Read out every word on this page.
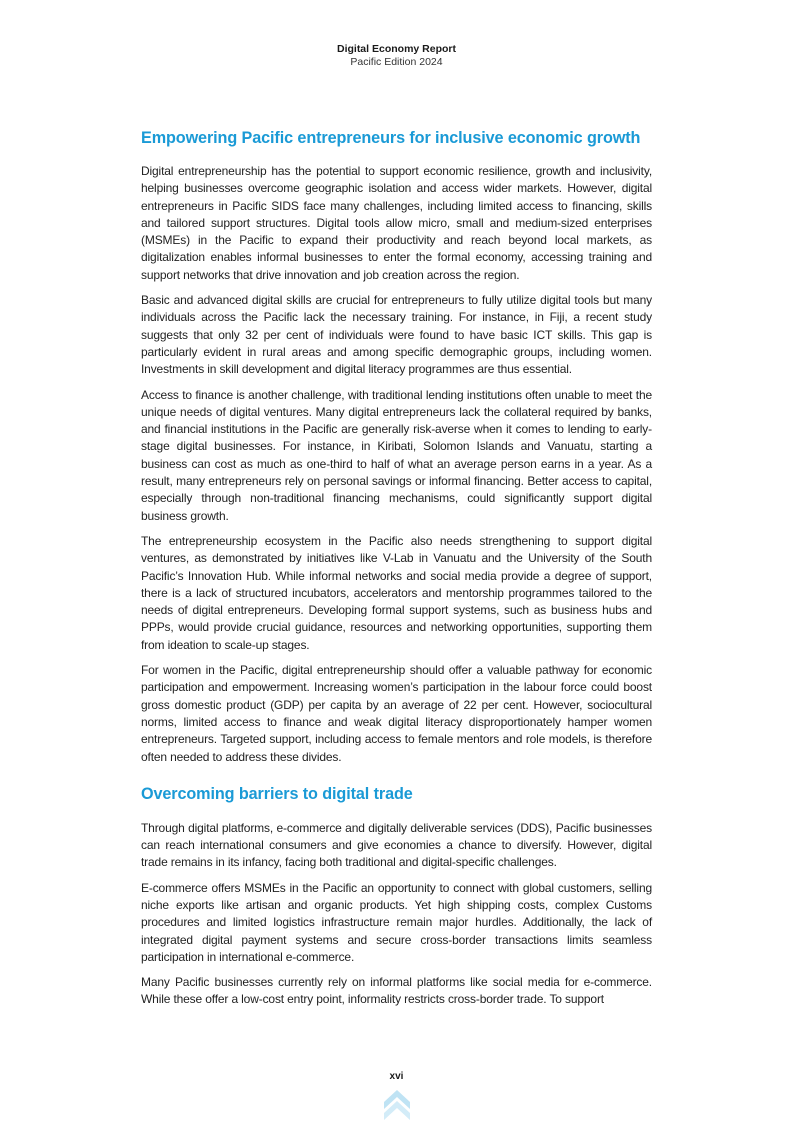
Digital Economy Report
Pacific Edition 2024
Empowering Pacific entrepreneurs for inclusive economic growth

Digital entrepreneurship has the potential to support economic resilience, growth and inclusivity, helping businesses overcome geographic isolation and access wider markets. However, digital entrepreneurs in Pacific SIDS face many challenges, including limited access to financing, skills and tailored support structures. Digital tools allow micro, small and medium-sized enterprises (MSMEs) in the Pacific to expand their productivity and reach beyond local markets, as digitalization enables informal businesses to enter the formal economy, accessing training and support networks that drive innovation and job creation across the region.

Basic and advanced digital skills are crucial for entrepreneurs to fully utilize digital tools but many individuals across the Pacific lack the necessary training. For instance, in Fiji, a recent study suggests that only 32 per cent of individuals were found to have basic ICT skills. This gap is particularly evident in rural areas and among specific demographic groups, including women. Investments in skill development and digital literacy programmes are thus essential.

Access to finance is another challenge, with traditional lending institutions often unable to meet the unique needs of digital ventures. Many digital entrepreneurs lack the collateral required by banks, and financial institutions in the Pacific are generally risk-averse when it comes to lending to early-stage digital businesses. For instance, in Kiribati, Solomon Islands and Vanuatu, starting a business can cost as much as one-third to half of what an average person earns in a year. As a result, many entrepreneurs rely on personal savings or informal financing. Better access to capital, especially through non-traditional financing mechanisms, could significantly support digital business growth.

The entrepreneurship ecosystem in the Pacific also needs strengthening to support digital ventures, as demonstrated by initiatives like V-Lab in Vanuatu and the University of the South Pacific’s Innovation Hub. While informal networks and social media provide a degree of support, there is a lack of structured incubators, accelerators and mentorship programmes tailored to the needs of digital entrepreneurs. Developing formal support systems, such as business hubs and PPPs, would provide crucial guidance, resources and networking opportunities, supporting them from ideation to scale-up stages.

For women in the Pacific, digital entrepreneurship should offer a valuable pathway for economic participation and empowerment. Increasing women’s participation in the labour force could boost gross domestic product (GDP) per capita by an average of 22 per cent. However, sociocultural norms, limited access to finance and weak digital literacy disproportionately hamper women entrepreneurs. Targeted support, including access to female mentors and role models, is therefore often needed to address these divides.

Overcoming barriers to digital trade

Through digital platforms, e-commerce and digitally deliverable services (DDS), Pacific businesses can reach international consumers and give economies a chance to diversify. However, digital trade remains in its infancy, facing both traditional and digital-specific challenges.

E-commerce offers MSMEs in the Pacific an opportunity to connect with global customers, selling niche exports like artisan and organic products. Yet high shipping costs, complex Customs procedures and limited logistics infrastructure remain major hurdles. Additionally, the lack of integrated digital payment systems and secure cross-border transactions limits seamless participation in international e-commerce.

Many Pacific businesses currently rely on informal platforms like social media for e-commerce. While these offer a low-cost entry point, informality restricts cross-border trade. To support

xvi
